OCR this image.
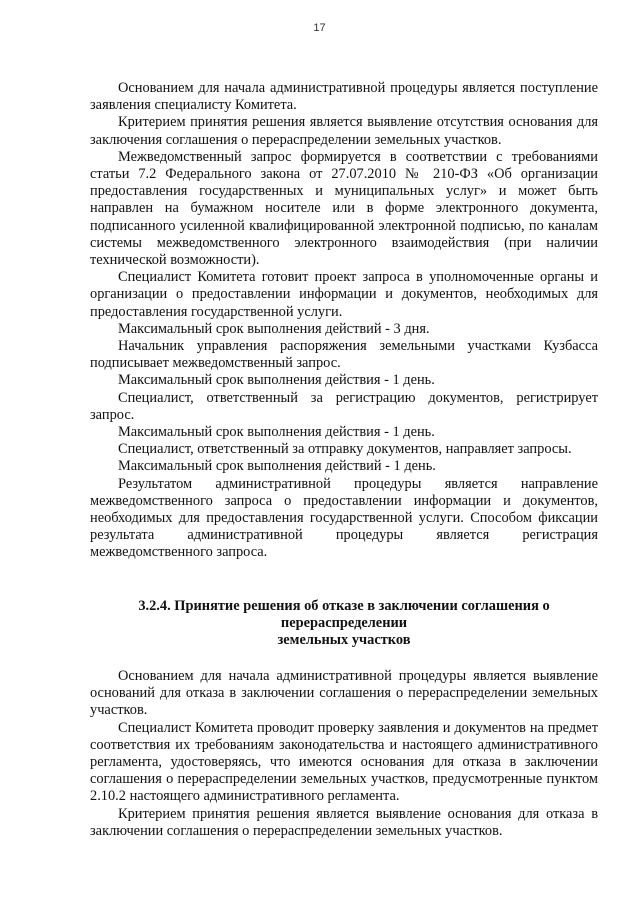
17

Основанием для начала административной процедуры является поступление заявления специалисту Комитета.

Критерием принятия решения является выявление отсутствия основания для заключения соглашения о перераспределении земельных участков.

Межведомственный запрос формируется в соответствии с требованиями статьи 7.2 Федерального закона от 27.07.2010 № 210-ФЗ «Об организации предоставления государственных и муниципальных услуг» и может быть направлен на бумажном носителе или в форме электронного документа, подписанного усиленной квалифицированной электронной подписью, по каналам системы межведомственного электронного взаимодействия (при наличии технической возможности).

Специалист Комитета готовит проект запроса в уполномоченные органы и организации о предоставлении информации и документов, необходимых для предоставления государственной услуги.

Максимальный срок выполнения действий - 3 дня.

Начальник управления распоряжения земельными участками Кузбасса подписывает межведомственный запрос.

Максимальный срок выполнения действия - 1 день.

Специалист, ответственный за регистрацию документов, регистрирует запрос.

Максимальный срок выполнения действия - 1 день.

Специалист, ответственный за отправку документов, направляет запросы.

Максимальный срок выполнения действий - 1 день.

Результатом административной процедуры является направление межведомственного запроса о предоставлении информации и документов, необходимых для предоставления государственной услуги. Способом фиксации результата административной процедуры является регистрация межведомственного запроса.

3.2.4. Принятие решения об отказе в заключении соглашения о
перераспределении
земельных участков

Основанием для начала административной процедуры является выявление оснований для отказа в заключении соглашения о перераспределении земельных участков.

Специалист Комитета проводит проверку заявления и документов на предмет соответствия их требованиям законодательства и настоящего административного регламента, удостоверяясь, что имеются основания для отказа в заключении соглашения о перераспределении земельных участков, предусмотренные пунктом 2.10.2 настоящего административного регламента.

Критерием принятия решения является выявление основания для отказа в заключении соглашения о перераспределении земельных участков.
